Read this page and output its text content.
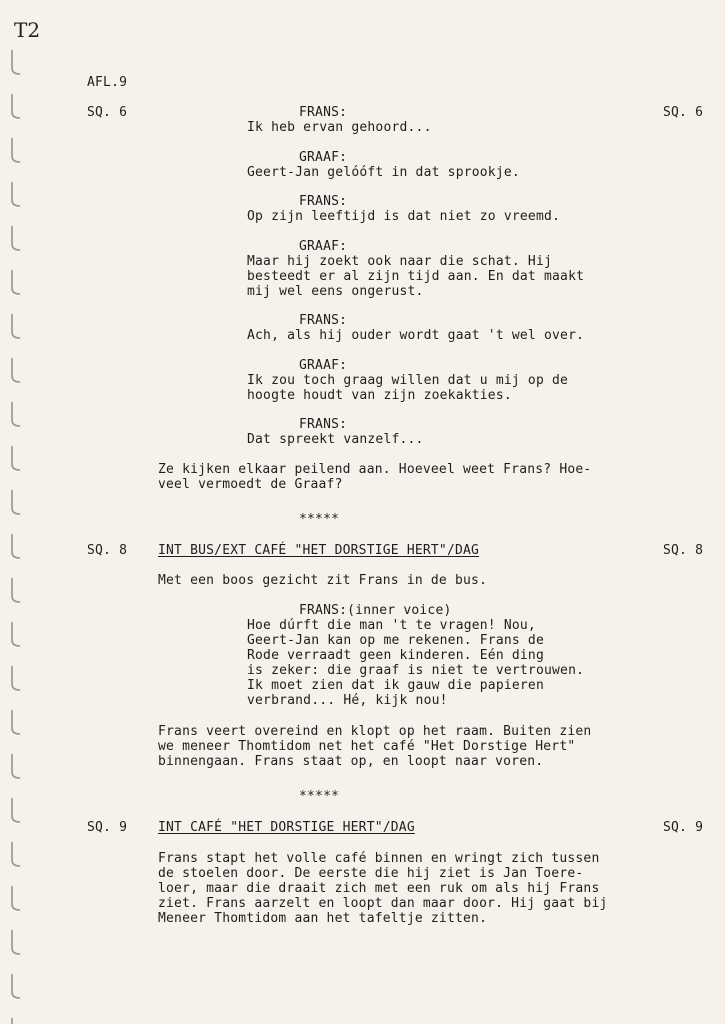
T2
AFL.9
SQ. 6	SQ. 6
FRANS:
Ik heb ervan gehoord...
GRAAF:
Geert-Jan gelóóft in dat sprookje.
FRANS:
Op zijn leeftijd is dat niet zo vreemd.
GRAAF:
Maar hij zoekt ook naar die schat. Hij
besteedt er al zijn tijd aan. En dat maakt
mij wel eens ongerust.
FRANS:
Ach, als hij ouder wordt gaat 't wel over.
GRAAF:
Ik zou toch graag willen dat u mij op de
hoogte houdt van zijn zoekakties.
FRANS:
Dat spreekt vanzelf...
Ze kijken elkaar peilend aan. Hoeveel weet Frans? Hoe-
veel vermoedt de Graaf?
*****
SQ. 8 INT BUS/EXT CAFÉ "HET DORSTIGE HERT"/DAG	SQ. 8
Met een boos gezicht zit Frans in de bus.
FRANS:(inner voice)
Hoe dúrft die man 't te vragen! Nou,
Geert-Jan kan op me rekenen. Frans de
Rode verraadt geen kinderen. Eén ding
is zeker: die graaf is niet te vertrouwen.
Ik moet zien dat ik gauw die papieren
verbrand... Hé, kijk nou!
Frans veert overeind en klopt op het raam. Buiten zien
we meneer Thomtidom net het café "Het Dorstige Hert"
binnengaan. Frans staat op, en loopt naar voren.
*****
SQ. 9 INT CAFÉ "HET DORSTIGE HERT"/DAG	SQ. 9
Frans stapt het volle café binnen en wringt zich tussen
de stoelen door. De eerste die hij ziet is Jan Toere-
loer, maar die draait zich met een ruk om als hij Frans
ziet. Frans aarzelt en loopt dan maar door. Hij gaat bij
Meneer Thomtidom aan het tafeltje zitten.
